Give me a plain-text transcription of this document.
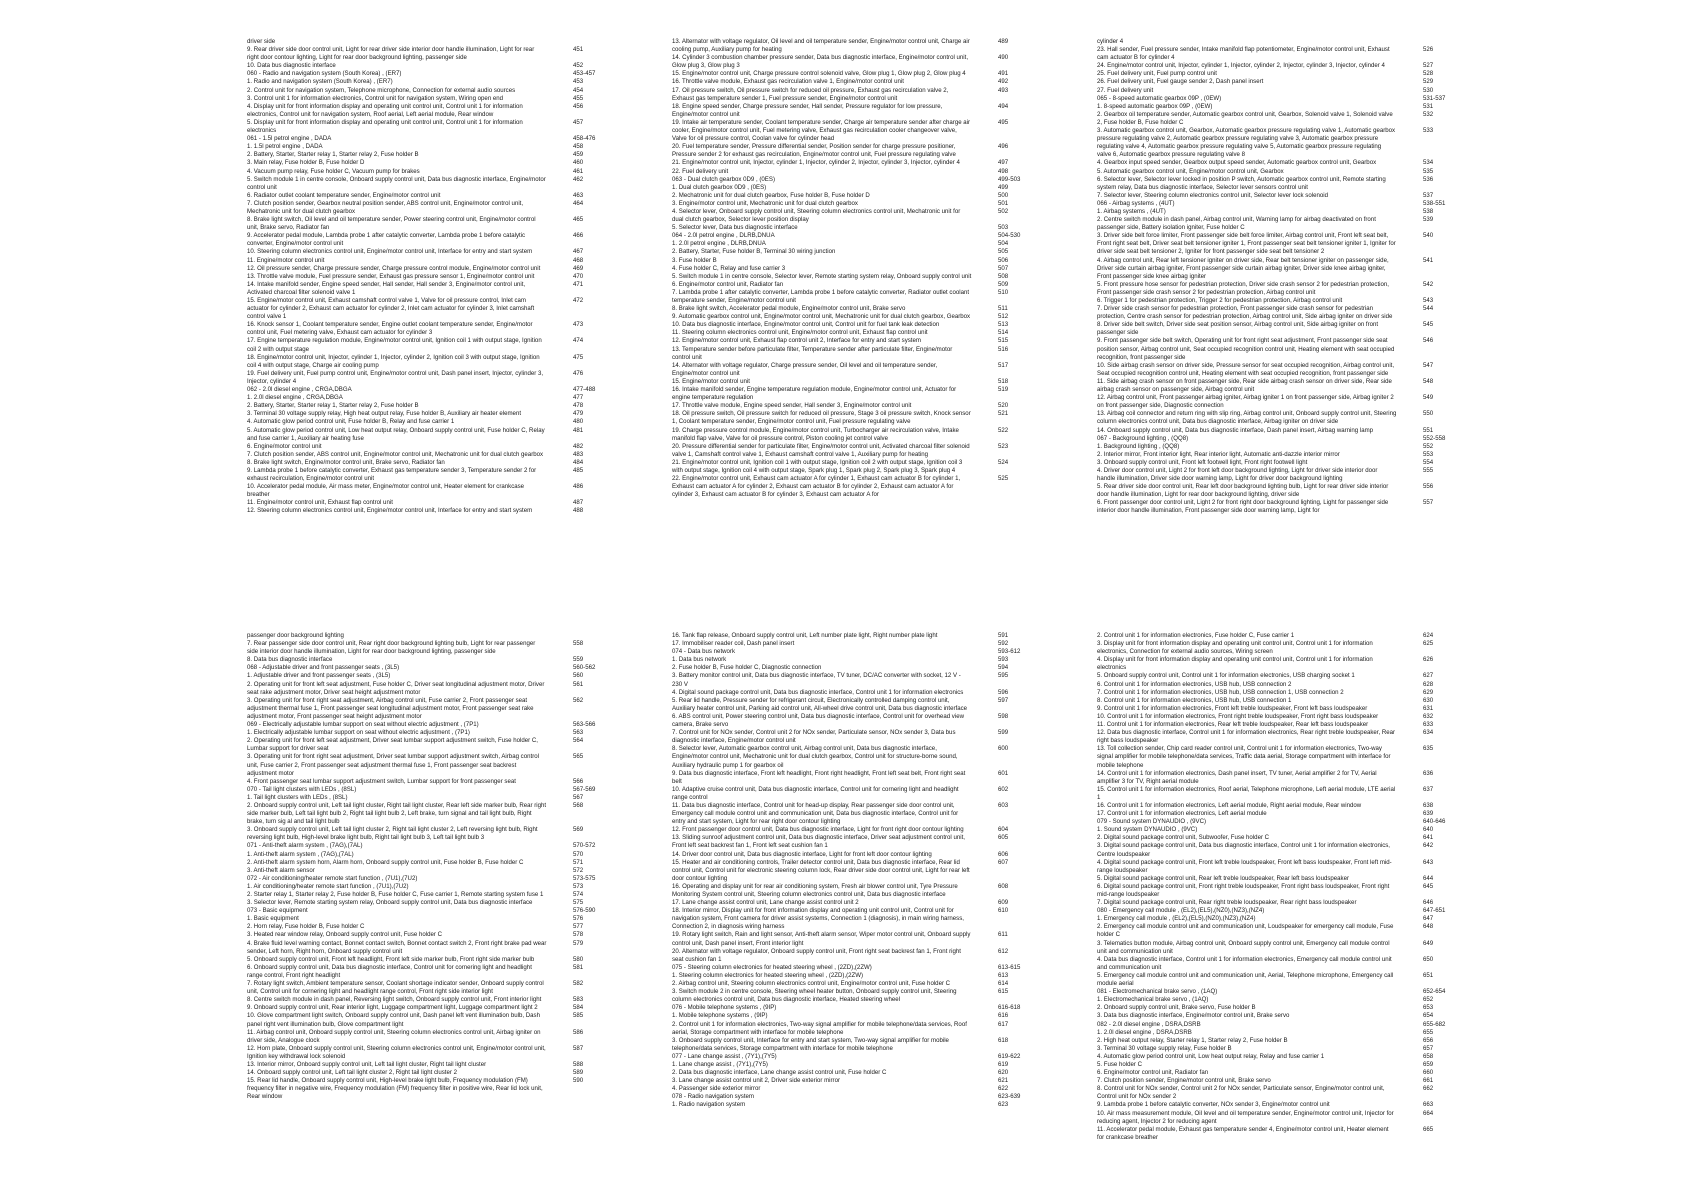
driver side
9. Rear driver side door control unit, Light for rear driver side interior door handle illumination, Light for rear right door contour lighting, Light for rear door background lighting, passenger side
451
10. Data bus diagnostic interface	452
060 - Radio and navigation system (South Korea) , (ER7)	453-457
1. Radio and navigation system (South Korea) , (ER7)	453
2. Control unit for navigation system, Telephone microphone, Connection for external audio sources	454
3. Control unit 1 for information electronics, Control unit for navigation system, Wiring open end	455
4. Display unit for front information display and operating unit control unit, Control unit 1 for information electronics, Control unit for navigation system, Roof aerial, Left aerial module, Rear window
456
5. Display unit for front information display and operating unit control unit, Control unit 1 for information electronics
457
061 - 1.5l petrol engine , DADA	458-476
1. 1.5l petrol engine , DADA	458
2. Battery, Starter, Starter relay 1, Starter relay 2, Fuse holder B	459
3. Main relay, Fuse holder B, Fuse holder D	460
4. Vacuum pump relay, Fuse holder C, Vacuum pump for brakes	461
5. Switch module 1 in centre console, Onboard supply control unit, Data bus diagnostic interface, Engine/motor control unit
462
6. Radiator outlet coolant temperature sender, Engine/motor control unit	463
7. Clutch position sender, Gearbox neutral position sender, ABS control unit, Engine/motor control unit, Mechatronic unit for dual clutch gearbox
464
8. Brake light switch, Oil level and oil temperature sender, Power steering control unit, Engine/motor control unit, Brake servo, Radiator fan
465
9. Accelerator pedal module, Lambda probe 1 after catalytic converter, Lambda probe 1 before catalytic converter, Engine/motor control unit
466
10. Steering column electronics control unit, Engine/motor control unit, Interface for entry and start system	467
11. Engine/motor control unit	468
12. Oil pressure sender, Charge pressure sender, Charge pressure control module, Engine/motor control unit	469
13. Throttle valve module, Fuel pressure sender, Exhaust gas pressure sensor 1, Engine/motor control unit	470
14. Intake manifold sender, Engine speed sender, Hall sender, Hall sender 3, Engine/motor control unit, Activated charcoal filter solenoid valve 1
471
15. Engine/motor control unit, Exhaust camshaft control valve 1, Valve for oil pressure control, Inlet cam actuator for cylinder 2, Exhaust cam actuator for cylinder 2, Inlet cam actuator for cylinder 3, Inlet camshaft control valve 1
472
16. Knock sensor 1, Coolant temperature sender, Engine outlet coolant temperature sender, Engine/motor control unit, Fuel metering valve, Exhaust cam actuator for cylinder 3
473
17. Engine temperature regulation module, Engine/motor control unit, Ignition coil 1 with output stage, Ignition coil 2 with output stage
474
18. Engine/motor control unit, Injector, cylinder 1, Injector, cylinder 2, Ignition coil 3 with output stage, Ignition coil 4 with output stage, Charge air cooling pump
475
19. Fuel delivery unit, Fuel pump control unit, Engine/motor control unit, Dash panel insert, Injector, cylinder 3, Injector, cylinder 4
476
062 - 2.0l diesel engine , CRGA,DBGA	477-488
1. 2.0l diesel engine , CRGA,DBGA	477
2. Battery, Starter, Starter relay 1, Starter relay 2, Fuse holder B	478
3. Terminal 30 voltage supply relay, High heat output relay, Fuse holder B, Auxiliary air heater element	479
4. Automatic glow period control unit, Fuse holder B, Relay and fuse carrier 1	480
5. Automatic glow period control unit, Low heat output relay, Onboard supply control unit, Fuse holder C, Relay and fuse carrier 1, Auxiliary air heating fuse
481
6. Engine/motor control unit	482
7. Clutch position sender, ABS control unit, Engine/motor control unit, Mechatronic unit for dual clutch gearbox	483
8. Brake light switch, Engine/motor control unit, Brake servo, Radiator fan	484
9. Lambda probe 1 before catalytic converter, Exhaust gas temperature sender 3, Temperature sender 2 for exhaust recirculation, Engine/motor control unit
485
10. Accelerator pedal module, Air mass meter, Engine/motor control unit, Heater element for crankcase breather
486
11. Engine/motor control unit, Exhaust flap control unit	487
12. Steering column electronics control unit, Engine/motor control unit, Interface for entry and start system	488
13. Alternator with voltage regulator, Oil level and oil temperature sender, Engine/motor control unit, Charge air cooling pump, Auxiliary pump for heating
489
14. Cylinder 3 combustion chamber pressure sender, Data bus diagnostic interface, Engine/motor control unit, Glow plug 3, Glow plug 3
490
15. Engine/motor control unit, Charge pressure control solenoid valve, Glow plug 1, Glow plug 2, Glow plug 4	491
16. Throttle valve module, Exhaust gas recirculation valve 1, Engine/motor control unit	492
17. Oil pressure switch, Oil pressure switch for reduced oil pressure, Exhaust gas recirculation valve 2, Exhaust gas temperature sender 1, Fuel pressure sender, Engine/motor control unit
493
18. Engine speed sender, Charge pressure sender, Hall sender, Pressure regulator for low pressure, Engine/motor control unit
494
19. Intake air temperature sender, Coolant temperature sender, Charge air temperature sender after charge air cooler, Engine/motor control unit, Fuel metering valve, Exhaust gas recirculation cooler changeover valve, Valve for oil pressure control, Coolan valve for cylinder head
495
20. Fuel temperature sender, Pressure differential sender, Position sender for charge pressure positioner, Pressure sender 2 for exhaust gas recirculation, Engine/motor control unit, Fuel pressure regulating valve
496
21. Engine/motor control unit, Injector, cylinder 1, Injector, cylinder 2, Injector, cylinder 3, Injector, cylinder 4	497
22. Fuel delivery unit	498
063 - Dual clutch gearbox 0D9 , (0ES)	499-503
1. Dual clutch gearbox 0D9 , (0ES)	499
2. Mechatronic unit for dual clutch gearbox, Fuse holder B, Fuse holder D	500
3. Engine/motor control unit, Mechatronic unit for dual clutch gearbox	501
4. Selector lever, Onboard supply control unit, Steering column electronics control unit, Mechatronic unit for dual clutch gearbox, Selector lever position display
502
5. Selector lever, Data bus diagnostic interface	503
064 - 2.0l petrol engine , DLRB,DNUA	504-530
1. 2.0l petrol engine , DLRB,DNUA	504
2. Battery, Starter, Fuse holder B, Terminal 30 wiring junction	505
3. Fuse holder B	506
4. Fuse holder C, Relay and fuse carrier 3	507
5. Switch module 1 in centre console, Selector lever, Remote starting system relay, Onboard supply control unit	508
6. Engine/motor control unit, Radiator fan	509
7. Lambda probe 1 after catalytic converter, Lambda probe 1 before catalytic converter, Radiator outlet coolant temperature sender, Engine/motor control unit
510
8. Brake light switch, Accelerator pedal module, Engine/motor control unit, Brake servo	511
9. Automatic gearbox control unit, Engine/motor control unit, Mechatronic unit for dual clutch gearbox, Gearbox	512
10. Data bus diagnostic interface, Engine/motor control unit, Control unit for fuel tank leak detection	513
11. Steering column electronics control unit, Engine/motor control unit, Exhaust flap control unit	514
12. Engine/motor control unit, Exhaust flap control unit 2, Interface for entry and start system	515
13. Temperature sender before particulate filter, Temperature sender after particulate filter, Engine/motor control unit
516
14. Alternator with voltage regulator, Charge pressure sender, Oil level and oil temperature sender, Engine/motor control unit
517
15. Engine/motor control unit	518
16. Intake manifold sender, Engine temperature regulation module, Engine/motor control unit, Actuator for engine temperature regulation
519
17. Throttle valve module, Engine speed sender, Hall sender 3, Engine/motor control unit	520
18. Oil pressure switch, Oil pressure switch for reduced oil pressure, Stage 3 oil pressure switch, Knock sensor 1, Coolant temperature sender, Engine/motor control unit, Fuel pressure regulating valve
521
19. Charge pressure control module, Engine/motor control unit, Turbocharger air recirculation valve, Intake manifold flap valve, Valve for oil pressure control, Piston cooling jet control valve
522
20. Pressure differential sender for particulate filter, Engine/motor control unit, Activated charcoal filter solenoid valve 1, Camshaft control valve 1, Exhaust camshaft control valve 1, Auxiliary pump for heating
523
21. Engine/motor control unit, Ignition coil 1 with output stage, Ignition coil 2 with output stage, Ignition coil 3 with output stage, Ignition coil 4 with output stage, Spark plug 1, Spark plug 2, Spark plug 3, Spark plug 4
524
22. Engine/motor control unit, Exhaust cam actuator A for cylinder 1, Exhaust cam actuator B for cylinder 1, Exhaust cam actuator A for cylinder 2, Exhaust cam actuator B for cylinder 2, Exhaust cam actuator A for cylinder 3, Exhaust cam actuator B for cylinder 3, Exhaust cam actuator A for
525
cylinder 4
23. Hall sender, Fuel pressure sender, Intake manifold flap potentiometer, Engine/motor control unit, Exhaust cam actuator B for cylinder 4
526
24. Engine/motor control unit, Injector, cylinder 1, Injector, cylinder 2, Injector, cylinder 3, Injector, cylinder 4	527
25. Fuel delivery unit, Fuel pump control unit	528
26. Fuel delivery unit, Fuel gauge sender 2, Dash panel insert	529
27. Fuel delivery unit	530
065 - 8-speed automatic gearbox 09P , (0EW)	531-537
1. 8-speed automatic gearbox 09P , (0EW)	531
2. Gearbox oil temperature sender, Automatic gearbox control unit, Gearbox, Solenoid valve 1, Solenoid valve 2, Fuse holder B, Fuse holder C
532
3. Automatic gearbox control unit, Gearbox, Automatic gearbox pressure regulating valve 1, Automatic gearbox pressure regulating valve 2, Automatic gearbox pressure regulating valve 3, Automatic gearbox pressure regulating valve 4, Automatic gearbox pressure regulating valve 5, Automatic gearbox pressure regulating valve 6, Automatic gearbox pressure regulating valve 8
533
4. Gearbox input speed sender, Gearbox output speed sender, Automatic gearbox control unit, Gearbox	534
5. Automatic gearbox control unit, Engine/motor control unit, Gearbox	535
6. Selector lever, Selector lever locked in position P switch, Automatic gearbox control unit, Remote starting system relay, Data bus diagnostic interface, Selector lever sensors control unit
536
7. Selector lever, Steering column electronics control unit, Selector lever lock solenoid	537
066 - Airbag systems , (4UT)	538-551
1. Airbag systems , (4UT)	538
2. Centre switch module in dash panel, Airbag control unit, Warning lamp for airbag deactivated on front passenger side, Battery isolation igniter, Fuse holder C
539
3. Driver side belt force limiter, Front passenger side belt force limiter, Airbag control unit, Front left seat belt, Front right seat belt, Driver seat belt tensioner igniter 1, Front passenger seat belt tensioner igniter 1, Igniter for driver side seat belt tensioner 2, Igniter for front passenger side seat belt tensioner 2
540
4. Airbag control unit, Rear left tensioner igniter on driver side, Rear belt tensioner igniter on passenger side, Driver side curtain airbag igniter, Front passenger side curtain airbag igniter, Driver side knee airbag igniter, Front passenger side knee airbag igniter
541
5. Front pressure hose sensor for pedestrian protection, Driver side crash sensor 2 for pedestrian protection, Front passenger side crash sensor 2 for pedestrian protection, Airbag control unit
542
6. Trigger 1 for pedestrian protection, Trigger 2 for pedestrian protection, Airbag control unit	543
7. Driver side crash sensor for pedestrian protection, Front passenger side crash sensor for pedestrian protection, Centre crash sensor for pedestrian protection, Airbag control unit, Side airbag igniter on driver side
544
8. Driver side belt switch, Driver side seat position sensor, Airbag control unit, Side airbag igniter on front passenger side
545
9. Front passenger side belt switch, Operating unit for front right seat adjustment, Front passenger side seat position sensor, Airbag control unit, Seat occupied recognition control unit, Heating element with seat occupied recognition, front passenger side
546
10. Side airbag crash sensor on driver side, Pressure sensor for seat occupied recognition, Airbag control unit, Seat occupied recognition control unit, Heating element with seat occupied recognition, front passenger side
547
11. Side airbag crash sensor on front passenger side, Rear side airbag crash sensor on driver side, Rear side airbag crash sensor on passenger side, Airbag control unit
548
12. Airbag control unit, Front passenger airbag igniter, Airbag igniter 1 on front passenger side, Airbag igniter 2 on front passenger side, Diagnostic connection
549
13. Airbag coil connector and return ring with slip ring, Airbag control unit, Onboard supply control unit, Steering column electronics control unit, Data bus diagnostic interface, Airbag igniter on driver side
550
14. Onboard supply control unit, Data bus diagnostic interface, Dash panel insert, Airbag warning lamp	551
067 - Background lighting , (QQ8)	552-558
1. Background lighting , (QQ8)	552
2. Interior mirror, Front interior light, Rear interior light, Automatic anti-dazzle interior mirror	553
3. Onboard supply control unit, Front left footwell light, Front right footwell light	554
4. Driver door control unit, Light 2 for front left door background lighting, Light for driver side interior door handle illumination, Driver side door warning lamp, Light for driver door background lighting
555
5. Rear driver side door control unit, Rear left door background lighting bulb, Light for rear driver side interior door handle illumination, Light for rear door background lighting, driver side
556
6. Front passenger door control unit, Light 2 for front right door background lighting, Light for passenger side interior door handle illumination, Front passenger side door warning lamp, Light for
557
passenger door background lighting
7. Rear passenger side door control unit, Rear right door background lighting bulb, Light for rear passenger side interior door handle illumination, Light for rear door background lighting, passenger side
558
8. Data bus diagnostic interface	559
068 - Adjustable driver and front passenger seats , (3L5)	560-562
1. Adjustable driver and front passenger seats , (3L5)	560
2. Operating unit for front left seat adjustment, Fuse holder C, Driver seat longitudinal adjustment motor, Driver seat rake adjustment motor, Driver seat height adjustment motor
561
3. Operating unit for front right seat adjustment, Airbag control unit, Fuse carrier 2, Front passenger seat adjustment thermal fuse 1, Front passenger seat longitudinal adjustment motor, Front passenger seat rake adjustment motor, Front passenger seat height adjustment motor
562
069 - Electrically adjustable lumbar support on seat without electric adjustment , (7P1)	563-566
1. Electrically adjustable lumbar support on seat without electric adjustment , (7P1)	563
2. Operating unit for front left seat adjustment, Driver seat lumbar support adjustment switch, Fuse holder C, Lumbar support for driver seat
564
3. Operating unit for front right seat adjustment, Driver seat lumbar support adjustment switch, Airbag control unit, Fuse carrier 2, Front passenger seat adjustment thermal fuse 1, Front passenger seat backrest adjustment motor
565
4. Front passenger seat lumbar support adjustment switch, Lumbar support for front passenger seat	566
070 - Tail light clusters with LEDs , (8SL)	567-569
1. Tail light clusters with LEDs , (8SL)	567
2. Onboard supply control unit, Left tail light cluster, Right tail light cluster, Rear left side marker bulb, Rear right side marker bulb, Left tail light bulb 2, Right tail light bulb 2, Left brake, turn signal and tail light bulb, Right brake, turn sig al and tail light bulb
568
3. Onboard supply control unit, Left tail light cluster 2, Right tail light cluster 2, Left reversing light bulb, Right reversing light bulb, High-level brake light bulb, Right tail light bulb 3, Left tail light bulb 3
569
071 - Anti-theft alarm system , (7AG),(7AL)	570-572
1. Anti-theft alarm system , (7AG),(7AL)	570
2. Anti-theft alarm system horn, Alarm horn, Onboard supply control unit, Fuse holder B, Fuse holder C	571
3. Anti-theft alarm sensor	572
072 - Air conditioning/heater remote start function , (7U1),(7U2)	573-575
1. Air conditioning/heater remote start function , (7U1),(7U2)	573
2. Starter relay 1, Starter relay 2, Fuse holder B, Fuse holder C, Fuse carrier 1, Remote starting system fuse 1	574
3. Selector lever, Remote starting system relay, Onboard supply control unit, Data bus diagnostic interface	575
073 - Basic equipment	576-590
1. Basic equipment	576
2. Horn relay, Fuse holder B, Fuse holder C	577
3. Heated rear window relay, Onboard supply control unit, Fuse holder C	578
4. Brake fluid level warning contact, Bonnet contact switch, Bonnet contact switch 2, Front right brake pad wear sender, Left horn, Right horn, Onboard supply control unit
579
5. Onboard supply control unit, Front left headlight, Front left side marker bulb, Front right side marker bulb	580
6. Onboard supply control unit, Data bus diagnostic interface, Control unit for cornering light and headlight range control, Front right headlight
581
7. Rotary light switch, Ambient temperature sensor, Coolant shortage indicator sender, Onboard supply control unit, Control unit for cornering light and headlight range control, Front right side interior light
582
8. Centre switch module in dash panel, Reversing light switch, Onboard supply control unit, Front interior light	583
9. Onboard supply control unit, Rear interior light, Luggage compartment light, Luggage compartment light 2	584
10. Glove compartment light switch, Onboard supply control unit, Dash panel left vent illumination bulb, Dash panel right vent illumination bulb, Glove compartment light
585
11. Airbag control unit, Onboard supply control unit, Steering column electronics control unit, Airbag igniter on driver side, Analogue clock
586
12. Horn plate, Onboard supply control unit, Steering column electronics control unit, Engine/motor control unit, Ignition key withdrawal lock solenoid
587
13. Interior mirror, Onboard supply control unit, Left tail light cluster, Right tail light cluster	588
14. Onboard supply control unit, Left tail light cluster 2, Right tail light cluster 2	589
15. Rear lid handle, Onboard supply control unit, High-level brake light bulb, Frequency modulation (FM) frequency filter in negative wire, Frequency modulation (FM) frequency filter in positive wire, Rear lid lock unit, Rear window
590
16. Tank flap release, Onboard supply control unit, Left number plate light, Right number plate light	591
17. Immobiliser reader coil, Dash panel insert	592
074 - Data bus network	593-612
1. Data bus network	593
2. Fuse holder B, Fuse holder C, Diagnostic connection	594
3. Battery monitor control unit, Data bus diagnostic interface, TV tuner, DC/AC converter with socket, 12 V - 230 V
595
4. Digital sound package control unit, Data bus diagnostic interface, Control unit 1 for information electronics	596
5. Rear lid handle, Pressure sender for refrigerant circuit, Electronically controlled damping control unit, Auxiliary heater control unit, Parking aid control unit, All-wheel drive control unit, Data bus diagnostic interface
597
6. ABS control unit, Power steering control unit, Data bus diagnostic interface, Control unit for overhead view camera, Brake servo
598
7. Control unit for NOx sender, Control unit 2 for NOx sender, Particulate sensor, NOx sender 3, Data bus diagnostic interface, Engine/motor control unit
599
8. Selector lever, Automatic gearbox control unit, Airbag control unit, Data bus diagnostic interface, Engine/motor control unit, Mechatronic unit for dual clutch gearbox, Control unit for structure-borne sound, Auxiliary hydraulic pump 1 for gearbox oil
600
9. Data bus diagnostic interface, Front left headlight, Front right headlight, Front left seat belt, Front right seat belt
601
10. Adaptive cruise control unit, Data bus diagnostic interface, Control unit for cornering light and headlight range control
602
11. Data bus diagnostic interface, Control unit for head-up display, Rear passenger side door control unit, Emergency call module control unit and communication unit, Data bus diagnostic interface, Control unit for entry and start system, Light for rear right door contour lighting
603
12. Front passenger door control unit, Data bus diagnostic interface, Light for front right door contour lighting	604
13. Sliding sunroof adjustment control unit, Data bus diagnostic interface, Driver seat adjustment control unit, Front left seat backrest fan 1, Front left seat cushion fan 1
605
14. Driver door control unit, Data bus diagnostic interface, Light for front left door contour lighting	606
15. Heater and air conditioning controls, Trailer detector control unit, Data bus diagnostic interface, Rear lid control unit, Control unit for electronic steering column lock, Rear driver side door control unit, Light for rear left door contour lighting
607
16. Operating and display unit for rear air conditioning system, Fresh air blower control unit, Tyre Pressure Monitoring System control unit, Steering column electronics control unit, Data bus diagnostic interface
608
17. Lane change assist control unit, Lane change assist control unit 2	609
18. Interior mirror, Display unit for front information display and operating unit control unit, Control unit for navigation system, Front camera for driver assist systems, Connection 1 (diagnosis), in main wiring harness, Connection 2, in diagnosis wiring harness
610
19. Rotary light switch, Rain and light sensor, Anti-theft alarm sensor, Wiper motor control unit, Onboard supply control unit, Dash panel insert, Front interior light
611
20. Alternator with voltage regulator, Onboard supply control unit, Front right seat backrest fan 1, Front right seat cushion fan 1
612
075 - Steering column electronics for heated steering wheel , (2ZD),(2ZW)	613-615
1. Steering column electronics for heated steering wheel , (2ZD),(2ZW)	613
2. Airbag control unit, Steering column electronics control unit, Engine/motor control unit, Fuse holder C	614
3. Switch module 2 in centre console, Steering wheel heater button, Onboard supply control unit, Steering column electronics control unit, Data bus diagnostic interface, Heated steering wheel
615
076 - Mobile telephone systems , (9IP)	616-618
1. Mobile telephone systems , (9IP)	616
2. Control unit 1 for information electronics, Two-way signal amplifier for mobile telephone/data services, Roof aerial, Storage compartment with interface for mobile telephone
617
3. Onboard supply control unit, Interface for entry and start system, Two-way signal amplifier for mobile telephone/data services, Storage compartment with interface for mobile telephone
618
077 - Lane change assist , (7Y1),(7Y5)	619-622
1. Lane change assist , (7Y1),(7Y5)	619
2. Data bus diagnostic interface, Lane change assist control unit, Fuse holder C	620
3. Lane change assist control unit 2, Driver side exterior mirror	621
4. Passenger side exterior mirror	622
078 - Radio navigation system	623-639
1. Radio navigation system	623
2. Control unit 1 for information electronics, Fuse holder C, Fuse carrier 1	624
3. Display unit for front information display and operating unit control unit, Control unit 1 for information electronics, Connection for external audio sources, Wiring screen
625
4. Display unit for front information display and operating unit control unit, Control unit 1 for information electronics
626
5. Onboard supply control unit, Control unit 1 for information electronics, USB charging socket 1	627
6. Control unit 1 for information electronics, USB hub, USB connection 2	628
7. Control unit 1 for information electronics, USB hub, USB connection 1, USB connection 2	629
8. Control unit 1 for information electronics, USB hub, USB connection 1	630
9. Control unit 1 for information electronics, Front left treble loudspeaker, Front left bass loudspeaker	631
10. Control unit 1 for information electronics, Front right treble loudspeaker, Front right bass loudspeaker	632
11. Control unit 1 for information electronics, Rear left treble loudspeaker, Rear left bass loudspeaker	633
12. Data bus diagnostic interface, Control unit 1 for information electronics, Rear right treble loudspeaker, Rear right bass loudspeaker
634
13. Toll collection sender, Chip card reader control unit, Control unit 1 for information electronics, Two-way signal amplifier for mobile telephone/data services, Traffic data aerial, Storage compartment with interface for mobile telephone
635
14. Control unit 1 for information electronics, Dash panel insert, TV tuner, Aerial amplifier 2 for TV, Aerial amplifier 3 for TV, Right aerial module
636
15. Control unit 1 for information electronics, Roof aerial, Telephone microphone, Left aerial module, LTE aerial 1
637
16. Control unit 1 for information electronics, Left aerial module, Right aerial module, Rear window	638
17. Control unit 1 for information electronics, Left aerial module	639
079 - Sound system DYNAUDIO , (9VC)	640-646
1. Sound system DYNAUDIO , (9VC)	640
2. Digital sound package control unit, Subwoofer, Fuse holder C	641
3. Digital sound package control unit, Data bus diagnostic interface, Control unit 1 for information electronics, Centre loudspeaker
642
4. Digital sound package control unit, Front left treble loudspeaker, Front left bass loudspeaker, Front left mid-range loudspeaker
643
5. Digital sound package control unit, Rear left treble loudspeaker, Rear left bass loudspeaker	644
6. Digital sound package control unit, Front right treble loudspeaker, Front right bass loudspeaker, Front right mid-range loudspeaker
645
7. Digital sound package control unit, Rear right treble loudspeaker, Rear right bass loudspeaker	646
080 - Emergency call module , (EL2),(EL5),(NZ0),(NZ3),(NZ4)	647-651
1. Emergency call module , (EL2),(EL5),(NZ0),(NZ3),(NZ4)	647
2. Emergency call module control unit and communication unit, Loudspeaker for emergency call module, Fuse holder C
648
3. Telematics button module, Airbag control unit, Onboard supply control unit, Emergency call module control unit and communication unit
649
4. Data bus diagnostic interface, Control unit 1 for information electronics, Emergency call module control unit and communication unit
650
5. Emergency call module control unit and communication unit, Aerial, Telephone microphone, Emergency call module aerial
651
081 - Electromechanical brake servo , (1AQ)	652-654
1. Electromechanical brake servo , (1AQ)	652
2. Onboard supply control unit, Brake servo, Fuse holder B	653
3. Data bus diagnostic interface, Engine/motor control unit, Brake servo	654
082 - 2.0l diesel engine , DSRA,DSRB	655-682
1. 2.0l diesel engine , DSRA,DSRB	655
2. High heat output relay, Starter relay 1, Starter relay 2, Fuse holder B	656
3. Terminal 30 voltage supply relay, Fuse holder B	657
4. Automatic glow period control unit, Low heat output relay, Relay and fuse carrier 1	658
5. Fuse holder C	659
6. Engine/motor control unit, Radiator fan	660
7. Clutch position sender, Engine/motor control unit, Brake servo	661
8. Control unit for NOx sender, Control unit 2 for NOx sender, Particulate sensor, Engine/motor control unit, Control unit for NOx sender 2
662
9. Lambda probe 1 before catalytic converter, NOx sender 3, Engine/motor control unit	663
10. Air mass measurement module, Oil level and oil temperature sender, Engine/motor control unit, Injector for reducing agent, Injector 2 for reducing agent
664
11. Accelerator pedal module, Exhaust gas temperature sender 4, Engine/motor control unit, Heater element for crankcase breather
665
